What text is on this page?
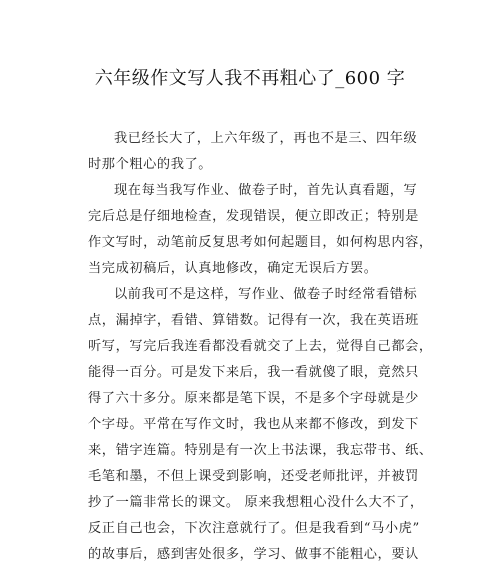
六年级作文写人我不再粗心了_600 字
我已经长大了，上六年级了，再也不是三、四年级
时那个粗心的我了。
现在每当我写作业、做卷子时，首先认真看题，写
完后总是仔细地检查，发现错误，便立即改正；特别是
作文写时，动笔前反复思考如何起题目，如何构思内容，
当完成初稿后，认真地修改，确定无误后方罢。
以前我可不是这样，写作业、做卷子时经常看错标
点，漏掉字，看错、算错数。记得有一次，我在英语班
听写，写完后我连看都没看就交了上去，觉得自己都会，
能得一百分。可是发下来后，我一看就傻了眼，竟然只
得了六十多分。原来都是笔下误，不是多个字母就是少
个字母。平常在写作文时，我也从来都不修改，到发下
来，错字连篇。特别是有一次上书法课，我忘带书、纸、
毛笔和墨，不但上课受到影响，还受老师批评，并被罚
抄了一篇非常长的课文。 原来我想粗心没什么大不了，
反正自己也会，下次注意就行了。但是我看到“马小虎”
的故事后，感到害处很多，学习、做事不能粗心，要认
